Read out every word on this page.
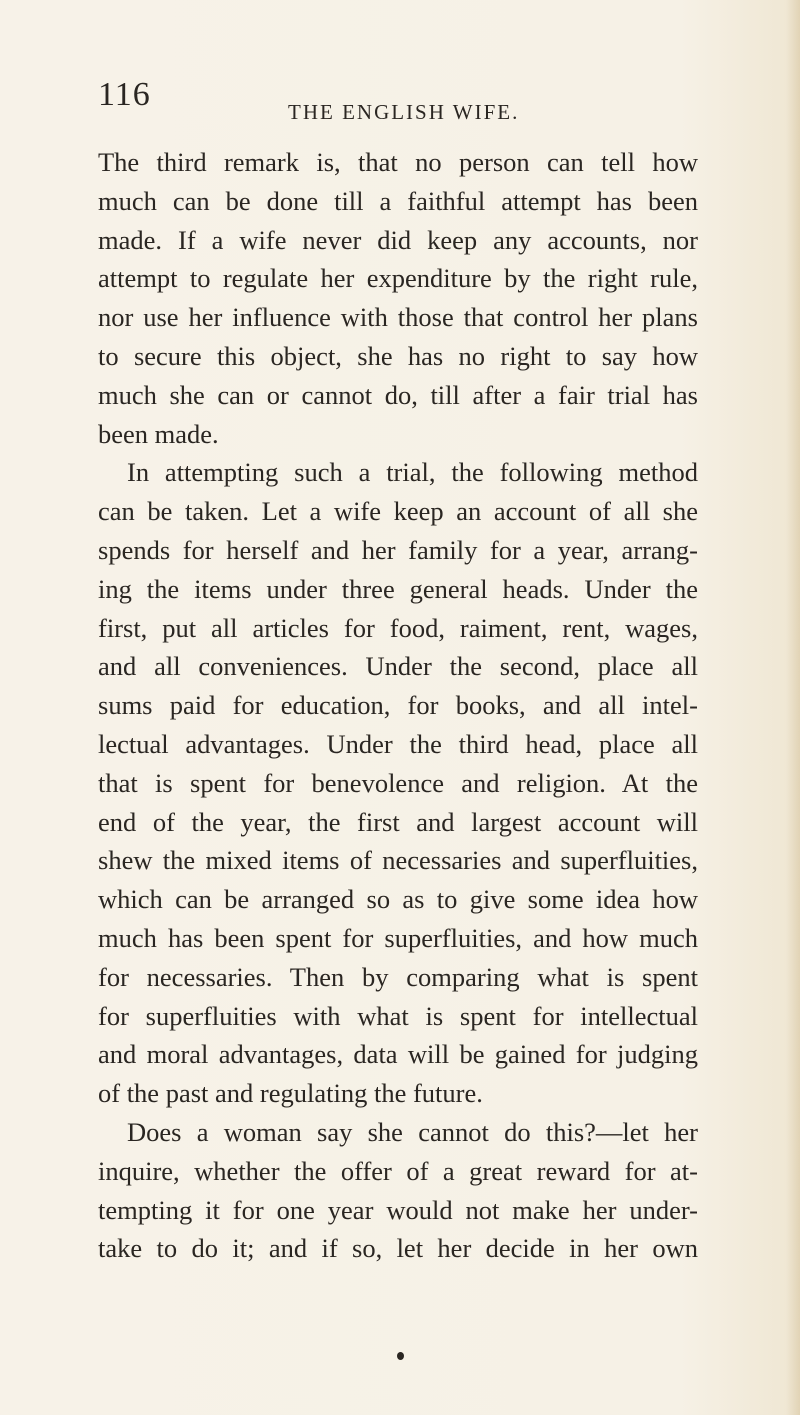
116	THE ENGLISH WIFE.
The third remark is, that no person can tell how
much can be done till a faithful attempt has been
made. If a wife never did keep any accounts, nor
attempt to regulate her expenditure by the right rule,
nor use her influence with those that control her plans
to secure this object, she has no right to say how
much she can or cannot do, till after a fair trial has
been made.
In attempting such a trial, the following method
can be taken. Let a wife keep an account of all she
spends for herself and her family for a year, arrang-
ing the items under three general heads. Under the
first, put all articles for food, raiment, rent, wages,
and all conveniences. Under the second, place all
sums paid for education, for books, and all intel-
lectual advantages. Under the third head, place all
that is spent for benevolence and religion. At the
end of the year, the first and largest account will
shew the mixed items of necessaries and superfluities,
which can be arranged so as to give some idea how
much has been spent for superfluities, and how much
for necessaries. Then by comparing what is spent
for superfluities with what is spent for intellectual
and moral advantages, data will be gained for judging
of the past and regulating the future.
Does a woman say she cannot do this?—let her
inquire, whether the offer of a great reward for at-
tempting it for one year would not make her under-
take to do it; and if so, let her decide in her own
